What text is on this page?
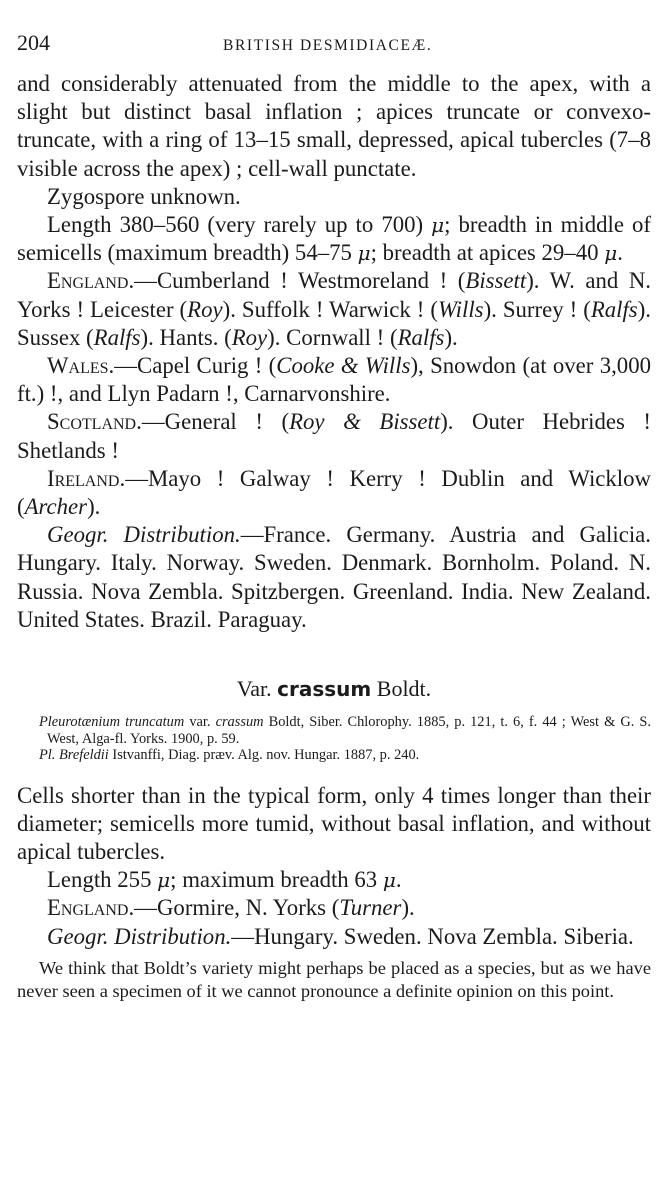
204	BRITISH DESMIDIACEÆ.

and considerably attenuated from the middle to the apex, with a slight but distinct basal inflation ; apices truncate or convexo-truncate, with a ring of 13–15 small, depressed, apical tubercles (7–8 visible across the apex) ; cell-wall punctate.

Zygospore unknown.

Length 380–560 (very rarely up to 700) μ; breadth in middle of semicells (maximum breadth) 54–75 μ; breadth at apices 29–40 μ.

England.—Cumberland ! Westmoreland ! (Bissett). W. and N. Yorks ! Leicester (Roy). Suffolk ! Warwick ! (Wills). Surrey ! (Ralfs). Sussex (Ralfs). Hants. (Roy). Cornwall ! (Ralfs).

Wales.—Capel Curig ! (Cooke & Wills), Snowdon (at over 3,000 ft.) !, and Llyn Padarn !, Carnarvonshire.

Scotland.—General ! (Roy & Bissett). Outer Hebrides ! Shetlands !

Ireland.—Mayo ! Galway ! Kerry ! Dublin and Wicklow (Archer).

Geogr. Distribution.—France. Germany. Austria and Galicia. Hungary. Italy. Norway. Sweden. Denmark. Bornholm. Poland. N. Russia. Nova Zembla. Spitzbergen. Greenland. India. New Zealand. United States. Brazil. Paraguay.

Var. crassum Boldt.
Pleurotænium truncatum var. crassum Boldt, Siber. Chlorophy. 1885, p. 121, t. 6, f. 44 ; West & G. S. West, Alga-fl. Yorks. 1900, p. 59.
Pl. Brefeldii Istvanffi, Diag. præv. Alg. nov. Hungar. 1887, p. 240.

Cells shorter than in the typical form, only 4 times longer than their diameter; semicells more tumid, without basal inflation, and without apical tubercles.

Length 255 μ; maximum breadth 63 μ.

England.—Gormire, N. Yorks (Turner).

Geogr. Distribution.—Hungary. Sweden. Nova Zembla. Siberia.

We think that Boldt’s variety might perhaps be placed as a species, but as we have never seen a specimen of it we cannot pronounce a definite opinion on this point.
